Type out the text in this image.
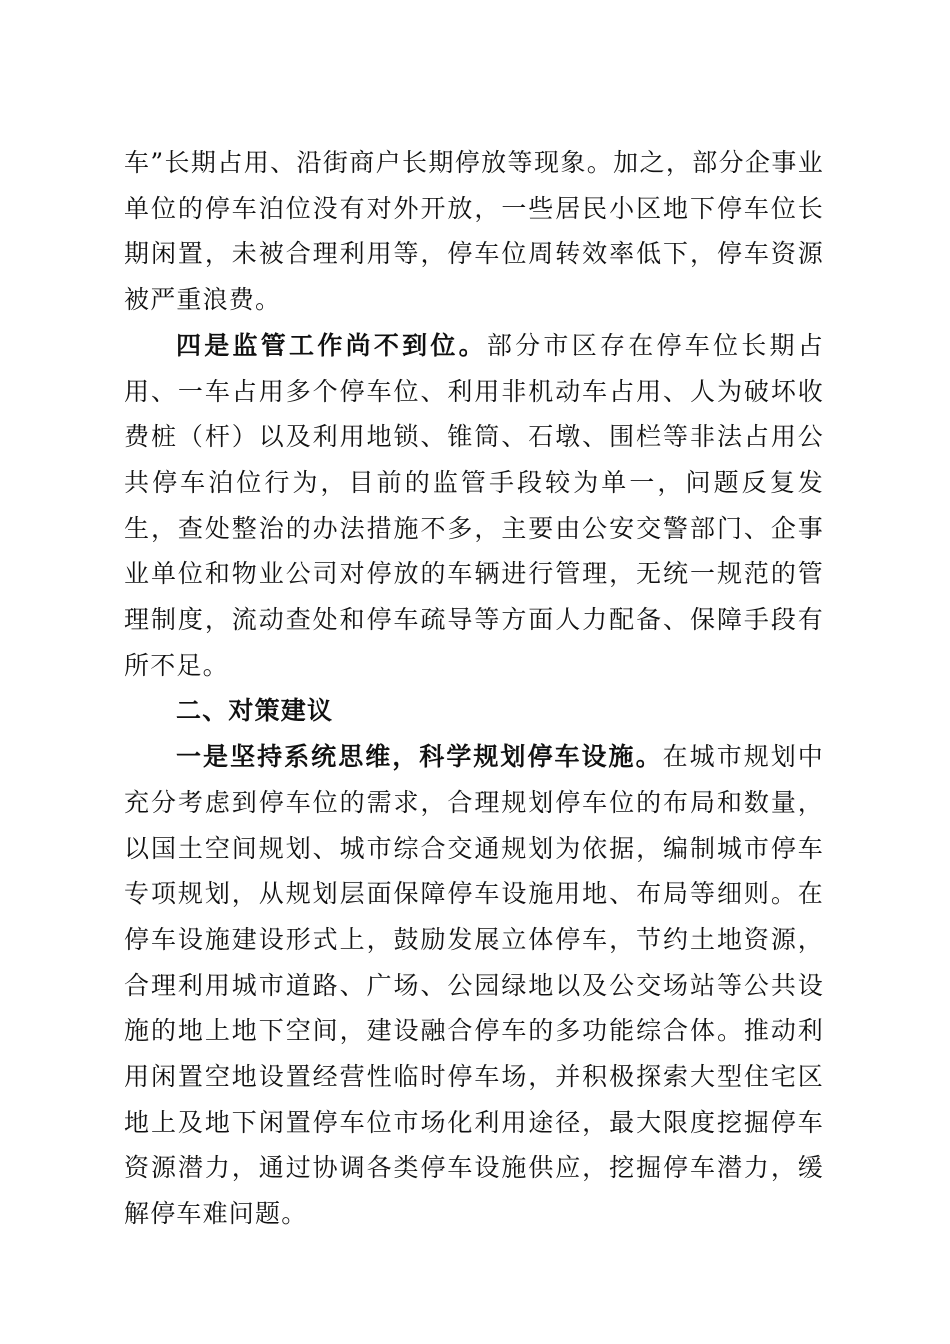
车”长期占用、沿街商户长期停放等现象。加之，部分企事业单位的停车泊位没有对外开放，一些居民小区地下停车位长期闲置，未被合理利用等，停车位周转效率低下，停车资源被严重浪费。

四是监管工作尚不到位。部分市区存在停车位长期占用、一车占用多个停车位、利用非机动车占用、人为破坏收费桩（杆）以及利用地锁、锥筒、石墩、围栏等非法占用公共停车泊位行为，目前的监管手段较为单一，问题反复发生，查处整治的办法措施不多，主要由公安交警部门、企事业单位和物业公司对停放的车辆进行管理，无统一规范的管理制度，流动查处和停车疏导等方面人力配备、保障手段有所不足。

二、对策建议

一是坚持系统思维，科学规划停车设施。在城市规划中充分考虑到停车位的需求，合理规划停车位的布局和数量，以国土空间规划、城市综合交通规划为依据，编制城市停车专项规划，从规划层面保障停车设施用地、布局等细则。在停车设施建设形式上，鼓励发展立体停车，节约土地资源，合理利用城市道路、广场、公园绿地以及公交场站等公共设施的地上地下空间，建设融合停车的多功能综合体。推动利用闲置空地设置经营性临时停车场，并积极探索大型住宅区地上及地下闲置停车位市场化利用途径，最大限度挖掘停车资源潜力，通过协调各类停车设施供应，挖掘停车潜力，缓解停车难问题。
